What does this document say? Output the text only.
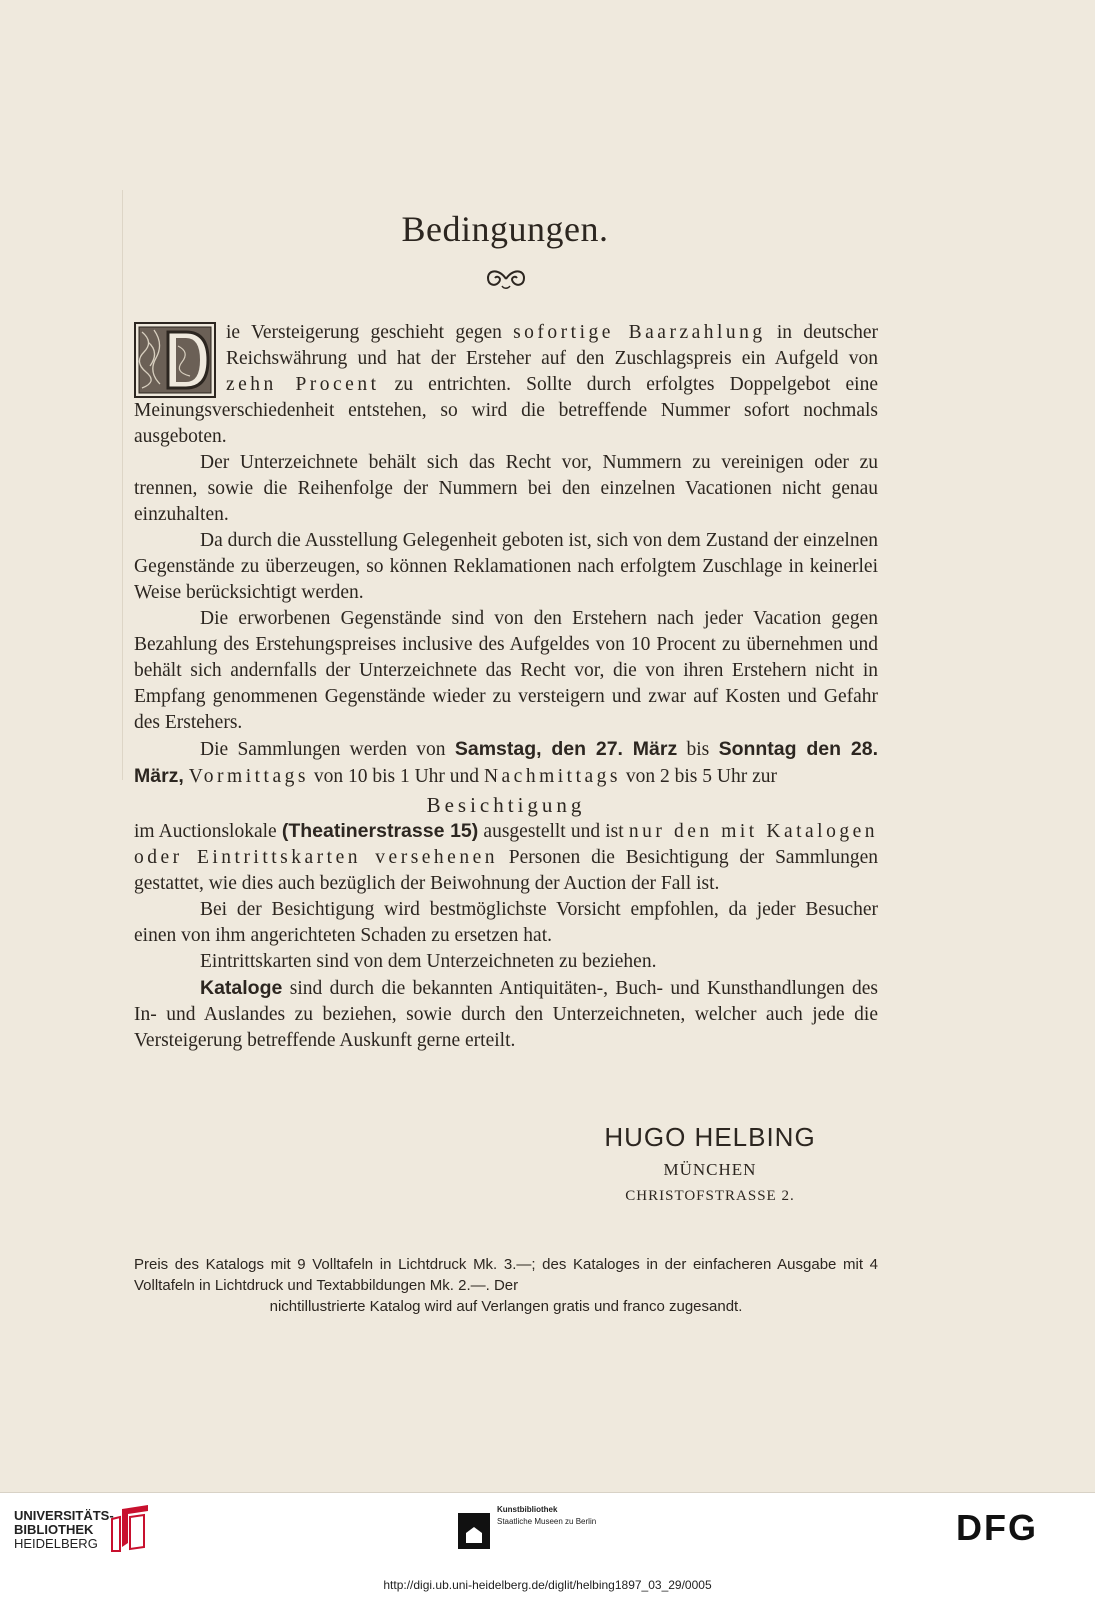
Bedingungen.

ie Versteigerung geschieht gegen sofortige Baarzahlung in deutscher Reichswährung und hat der Ersteher auf den Zuschlagspreis ein Aufgeld von zehn Procent zu entrichten. Sollte durch erfolgtes Doppelgebot eine Meinungsverschiedenheit entstehen, so wird die betreffende Nummer sofort nochmals ausgeboten.

Der Unterzeichnete behält sich das Recht vor, Nummern zu vereinigen oder zu trennen, sowie die Reihenfolge der Nummern bei den einzelnen Vacationen nicht genau einzuhalten.

Da durch die Ausstellung Gelegenheit geboten ist, sich von dem Zustand der einzelnen Gegenstände zu überzeugen, so können Reklamationen nach erfolgtem Zuschlage in keinerlei Weise berücksichtigt werden.

Die erworbenen Gegenstände sind von den Erstehern nach jeder Vacation gegen Bezahlung des Erstehungspreises inclusive des Aufgeldes von 10 Procent zu übernehmen und behält sich andernfalls der Unterzeichnete das Recht vor, die von ihren Erstehern nicht in Empfang genommenen Gegenstände wieder zu versteigern und zwar auf Kosten und Gefahr des Erstehers.

Die Sammlungen werden von Samstag, den 27. März bis Sonntag den 28. März, Vormittags von 10 bis 1 Uhr und Nachmittags von 2 bis 5 Uhr zur

Besichtigung

im Auctionslokale (Theatinerstrasse 15) ausgestellt und ist nur den mit Katalogen oder Eintrittskarten versehenen Personen die Besichtigung der Sammlungen gestattet, wie dies auch bezüglich der Beiwohnung der Auction der Fall ist.

Bei der Besichtigung wird bestmöglichste Vorsicht empfohlen, da jeder Besucher einen von ihm angerichteten Schaden zu ersetzen hat.

Eintrittskarten sind von dem Unterzeichneten zu beziehen.

Kataloge sind durch die bekannten Antiquitäten-, Buch- und Kunsthandlungen des In- und Auslandes zu beziehen, sowie durch den Unterzeichneten, welcher auch jede die Versteigerung betreffende Auskunft gerne erteilt.

HUGO HELBING
MÜNCHEN
CHRISTOFSTRASSE 2.
Preis des Katalogs mit 9 Volltafeln in Lichtdruck Mk. 3.—; des Kataloges in der einfacheren Ausgabe mit 4 Volltafeln in Lichtdruck und Textabbildungen Mk. 2.—. Der
nichtillustrierte Katalog wird auf Verlangen gratis und franco zugesandt.
UNIVERSITÄTS-
BIBLIOTHEK
HEIDELBERG
Kunstbibliothek
Staatliche Museen zu Berlin	DFG
http://digi.ub.uni-heidelberg.de/diglit/helbing1897_03_29/0005
